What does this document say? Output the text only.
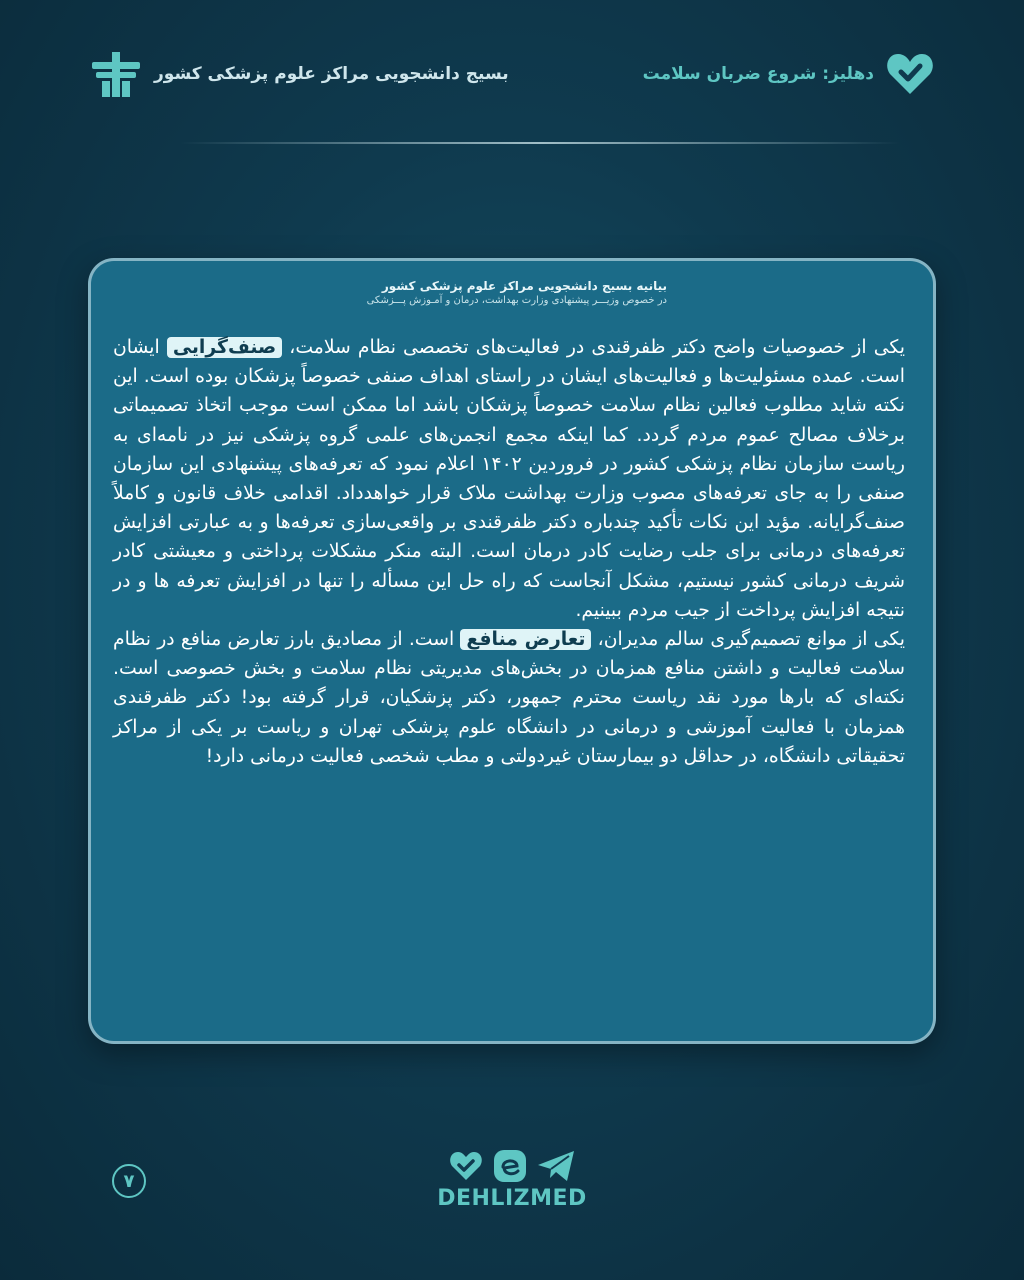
بسیج دانشجویی مراکز علوم پزشکی کشور	دهلیز: شروع ضربان سلامت
بیانیه بسیج دانشجویی مراکز علوم پزشکی کشور
در خصوص وزیـــر پیشنهادی وزارت بهداشت، درمان و آمـوزش پـــزشکی

یکی از خصوصیات واضح دکتر ظفرقندی در فعالیت‌های تخصصی نظام سلامت، صنف‌گرایی ایشان است. عمده مسئولیت‌ها و فعالیت‌های ایشان در راستای اهداف صنفی خصوصاً پزشکان بوده است. این نکته شاید مطلوب فعالین نظام سلامت خصوصاً پزشکان باشد اما ممکن است موجب اتخاذ تصمیماتی برخلاف مصالح عموم مردم گردد. کما اینکه مجمع انجمن‌های علمی گروه پزشکی نیز در نامه‌ای به ریاست سازمان نظام پزشکی کشور در فروردین ۱۴۰۲ اعلام نمود که تعرفه‌های پیشنهادی این سازمان صنفی را به جای تعرفه‌های مصوب وزارت بهداشت ملاک قرار خواهدداد. اقدامی خلاف قانون و کاملاً صنف‌گرایانه. مؤید این نکات تأکید چندباره دکتر ظفرقندی بر واقعی‌سازی تعرفه‌ها و به عبارتی افزایش تعرفه‌های درمانی برای جلب رضایت کادر درمان است. البته منکر مشکلات پرداختی و معیشتی کادر شریف درمانی کشور نیستیم، مشکل آنجاست که راه حل این مسأله را تنها در افزایش تعرفه ها و در نتیجه افزایش پرداخت از جیب مردم ببینیم.

یکی از موانع تصمیم‌گیری سالم مدیران، تعارض منافع است. از مصادیق بارز تعارض منافع در نظام سلامت فعالیت و داشتن منافع همزمان در بخش‌های مدیریتی نظام سلامت و بخش خصوصی است. نکته‌ای که بارها مورد نقد ریاست محترم جمهور، دکتر پزشکیان، قرار گرفته بود! دکتر ظفرقندی همزمان با فعالیت آموزشی و درمانی در دانشگاه علوم پزشکی تهران و ریاست بر یکی از مراکز تحقیقاتی دانشگاه، در حداقل دو بیمارستان غیردولتی و مطب شخصی فعالیت درمانی دارد!

۷
DEHLIZMED
